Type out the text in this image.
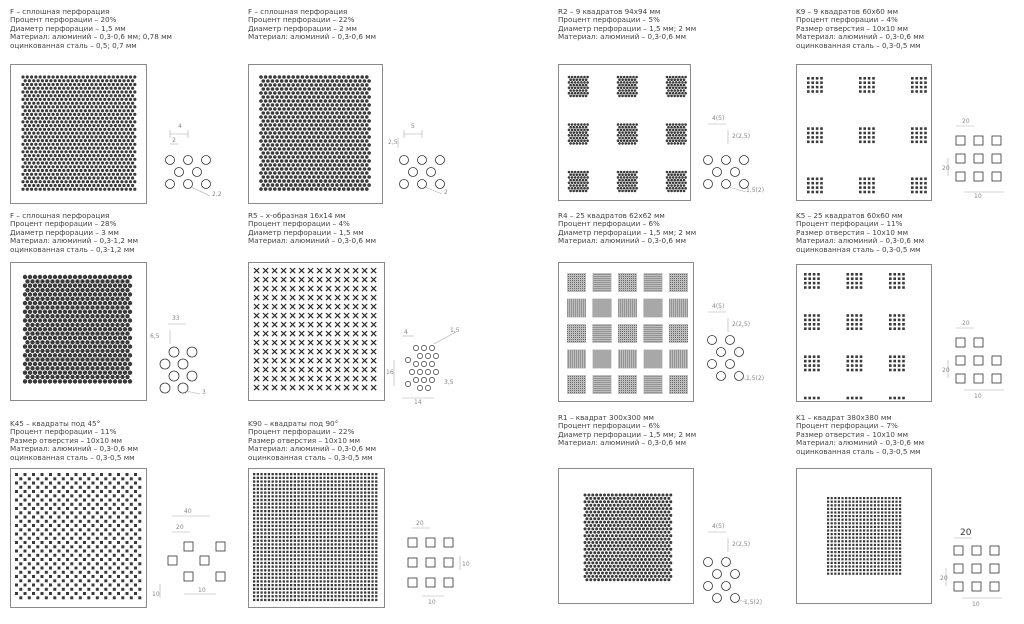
F – сплошная перфорация
Процент перфорации – 20%
Диаметр перфорации – 1,5 мм
Материал: алюминий – 0,3-0,6 мм; 0,78 мм
оцинкованная сталь – 0,5; 0,7 мм
4
2
2,2
F – сплошная перфорация
Процент перфорации – 22%
Диаметр перфорации – 2 мм
Материал: алюминий – 0,3-0,6 мм
5
2,5
2
R2 – 9 квадратов 94х94 мм
Процент перфорации – 5%
Диаметр перфорации – 1,5 мм; 2 мм
Материал: алюминий – 0,3-0,6 мм
4(5)
2(2,5)
1,5(2)
K9 – 9 квадратов 60х60 мм
Процент перфорации – 4%
Размер отверстия – 10х10 мм
Материал: алюминий – 0,3-0,6 мм
оцинкованная сталь – 0,3-0,5 мм
20
20
10
F – сплошная перфорация
Процент перфорации – 28%
Диаметр перфорации – 3 мм
Материал: алюминий – 0,3-1,2 мм
оцинкованная сталь – 0,3-1,2 мм
33
6,5
3
R5 – х-образная 16х14 мм
Процент перфорации – 4%
Диаметр перфорации – 1,5 мм
Материал: алюминий – 0,3-0,6 мм
1,5
4
16
14
3,5
R4 – 25 квадратов 62х62 мм
Процент перфорации – 6%
Диаметр перфорации – 1,5 мм; 2 мм
Материал: алюминий – 0,3-0,6 мм
4(5)
2(2,5)
1,5(2)
K5 – 25 квадратов 60х60 мм
Процент перфорации – 11%
Размер отверстия – 10х10 мм
Материал: алюминий – 0,3-0,6 мм
оцинкованная сталь – 0,3-0,5 мм
20
20
10
K45 – квадраты под 45°
Процент перфорации – 11%
Размер отверстия – 10х10 мм
Материал: алюминий – 0,3-0,6 мм
оцинкованная сталь – 0,3-0,5 мм
40
20
10
10
K90 – квадраты под 90°
Процент перфорации – 22%
Размер отверстия – 10х10 мм
Материал: алюминий – 0,3-0,6 мм
оцинкованная сталь – 0,3-0,5 мм
20
10
10
R1 – квадрат 300х300 мм
Процент перфорации – 6%
Диаметр перфорации – 1,5 мм; 2 мм
Материал: алюминий – 0,3-0,6 мм
4(5)
2(2,5)
1,5(2)
K1 – квадрат 380х380 мм
Процент перфорации – 7%
Размер отверстия – 10х10 мм
Материал: алюминий – 0,3-0,6 мм
оцинкованная сталь – 0,3-0,5 мм
20
20
10
